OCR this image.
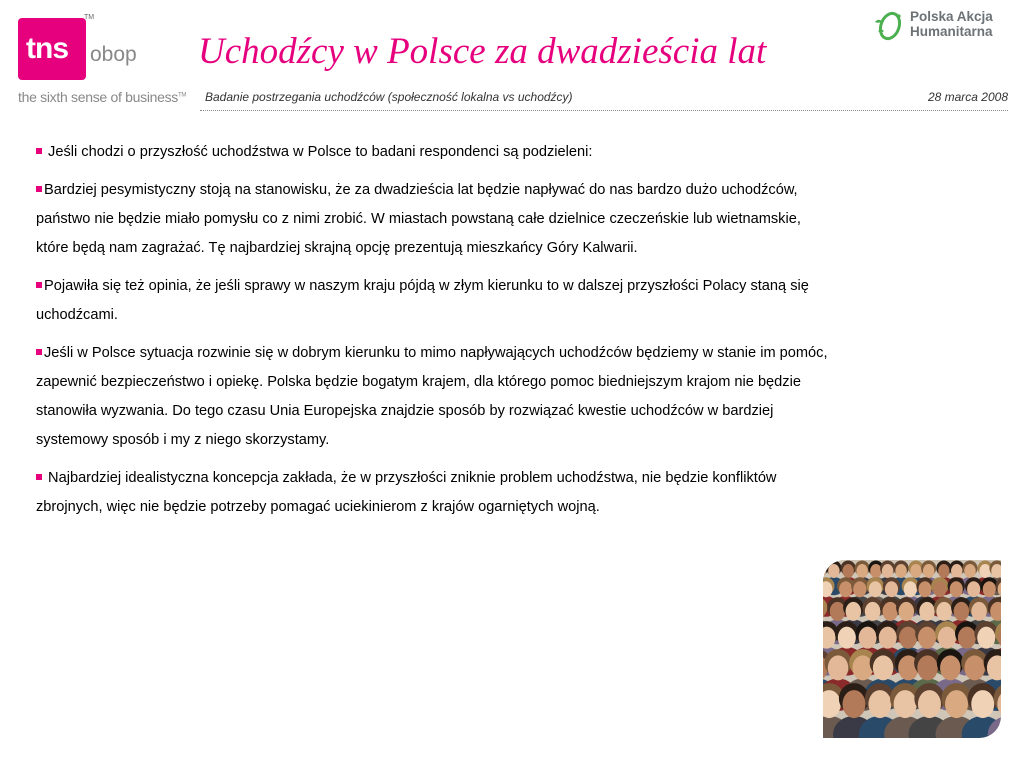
tns
TM
obop
the sixth sense of business™
Uchodźcy w Polsce za dwadzieścia lat
Polska Akcja
Humanitarna
Badanie postrzegania uchodźców (społeczność lokalna vs uchodźcy)	28 marca 2008

Jeśli chodzi o przyszłość uchodźstwa w Polsce to badani respondenci są podzieleni:

Bardziej pesymistyczny stoją na stanowisku, że za dwadzieścia lat będzie napływać do nas bardzo dużo uchodźców, państwo nie będzie miało pomysłu co z nimi zrobić. W miastach powstaną całe dzielnice czeczeńskie lub wietnamskie, które będą nam zagrażać. Tę najbardziej skrajną opcję prezentują mieszkańcy Góry Kalwarii.

Pojawiła się też opinia, że jeśli sprawy w naszym kraju pójdą w złym kierunku to w dalszej przyszłości Polacy staną się uchodźcami.

Jeśli w Polsce sytuacja rozwinie się w dobrym kierunku to mimo napływających uchodźców będziemy w stanie im pomóc, zapewnić bezpieczeństwo i opiekę. Polska będzie bogatym krajem, dla którego pomoc biedniejszym krajom nie będzie stanowiła wyzwania. Do tego czasu Unia Europejska znajdzie sposób by rozwiązać kwestie uchodźców w bardziej systemowy sposób i my z niego skorzystamy.

Najbardziej idealistyczna koncepcja zakłada, że w przyszłości zniknie problem uchodźstwa, nie będzie konfliktów zbrojnych, więc nie będzie potrzeby pomagać uciekinierom z krajów ogarniętych wojną.
